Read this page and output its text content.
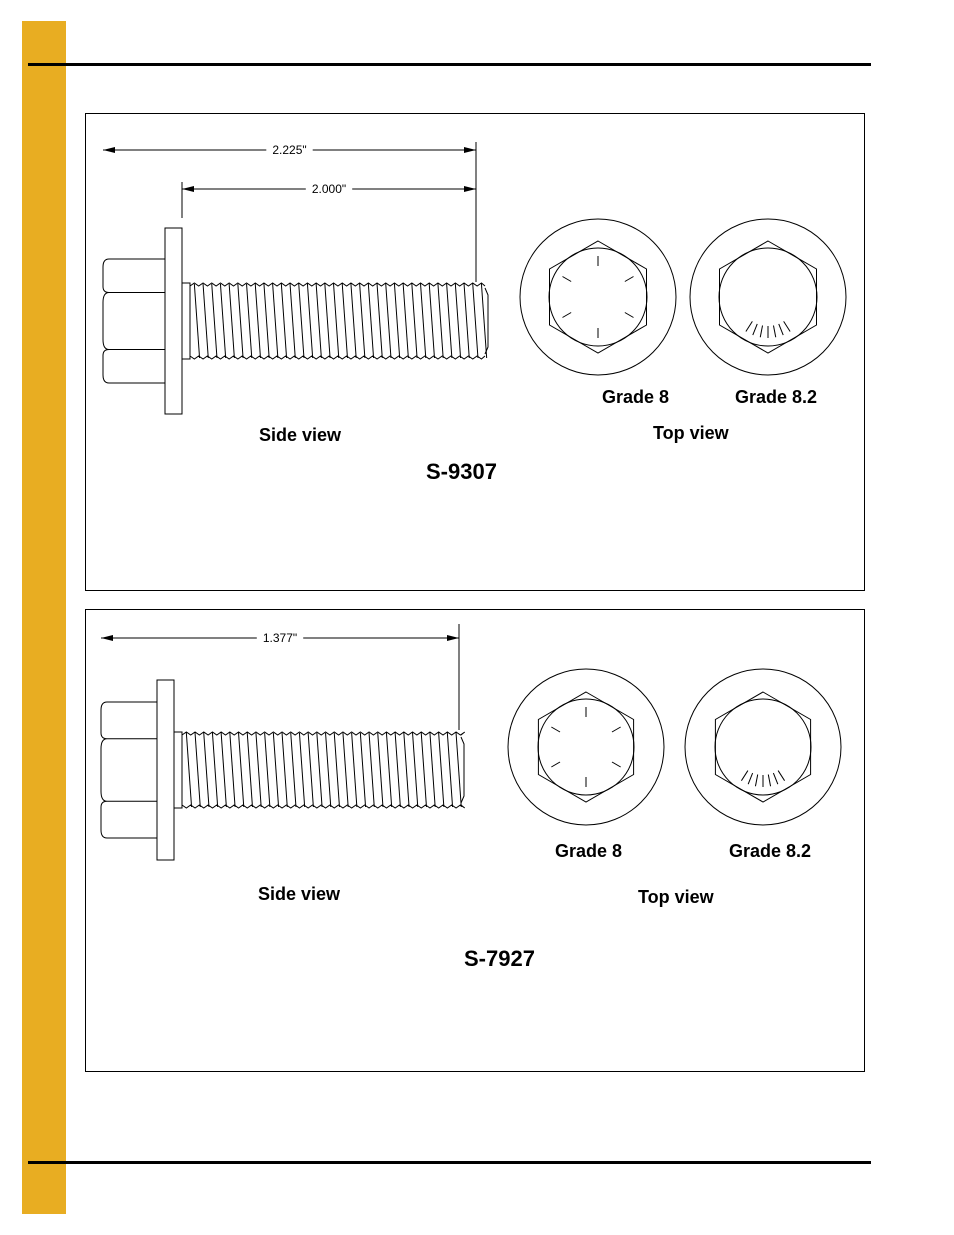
2.225"
2.000"
Grade 8	Grade 8.2
Side view	Top view
S-9307
1.377"
Grade 8	Grade 8.2
Side view	Top view
S-7927
